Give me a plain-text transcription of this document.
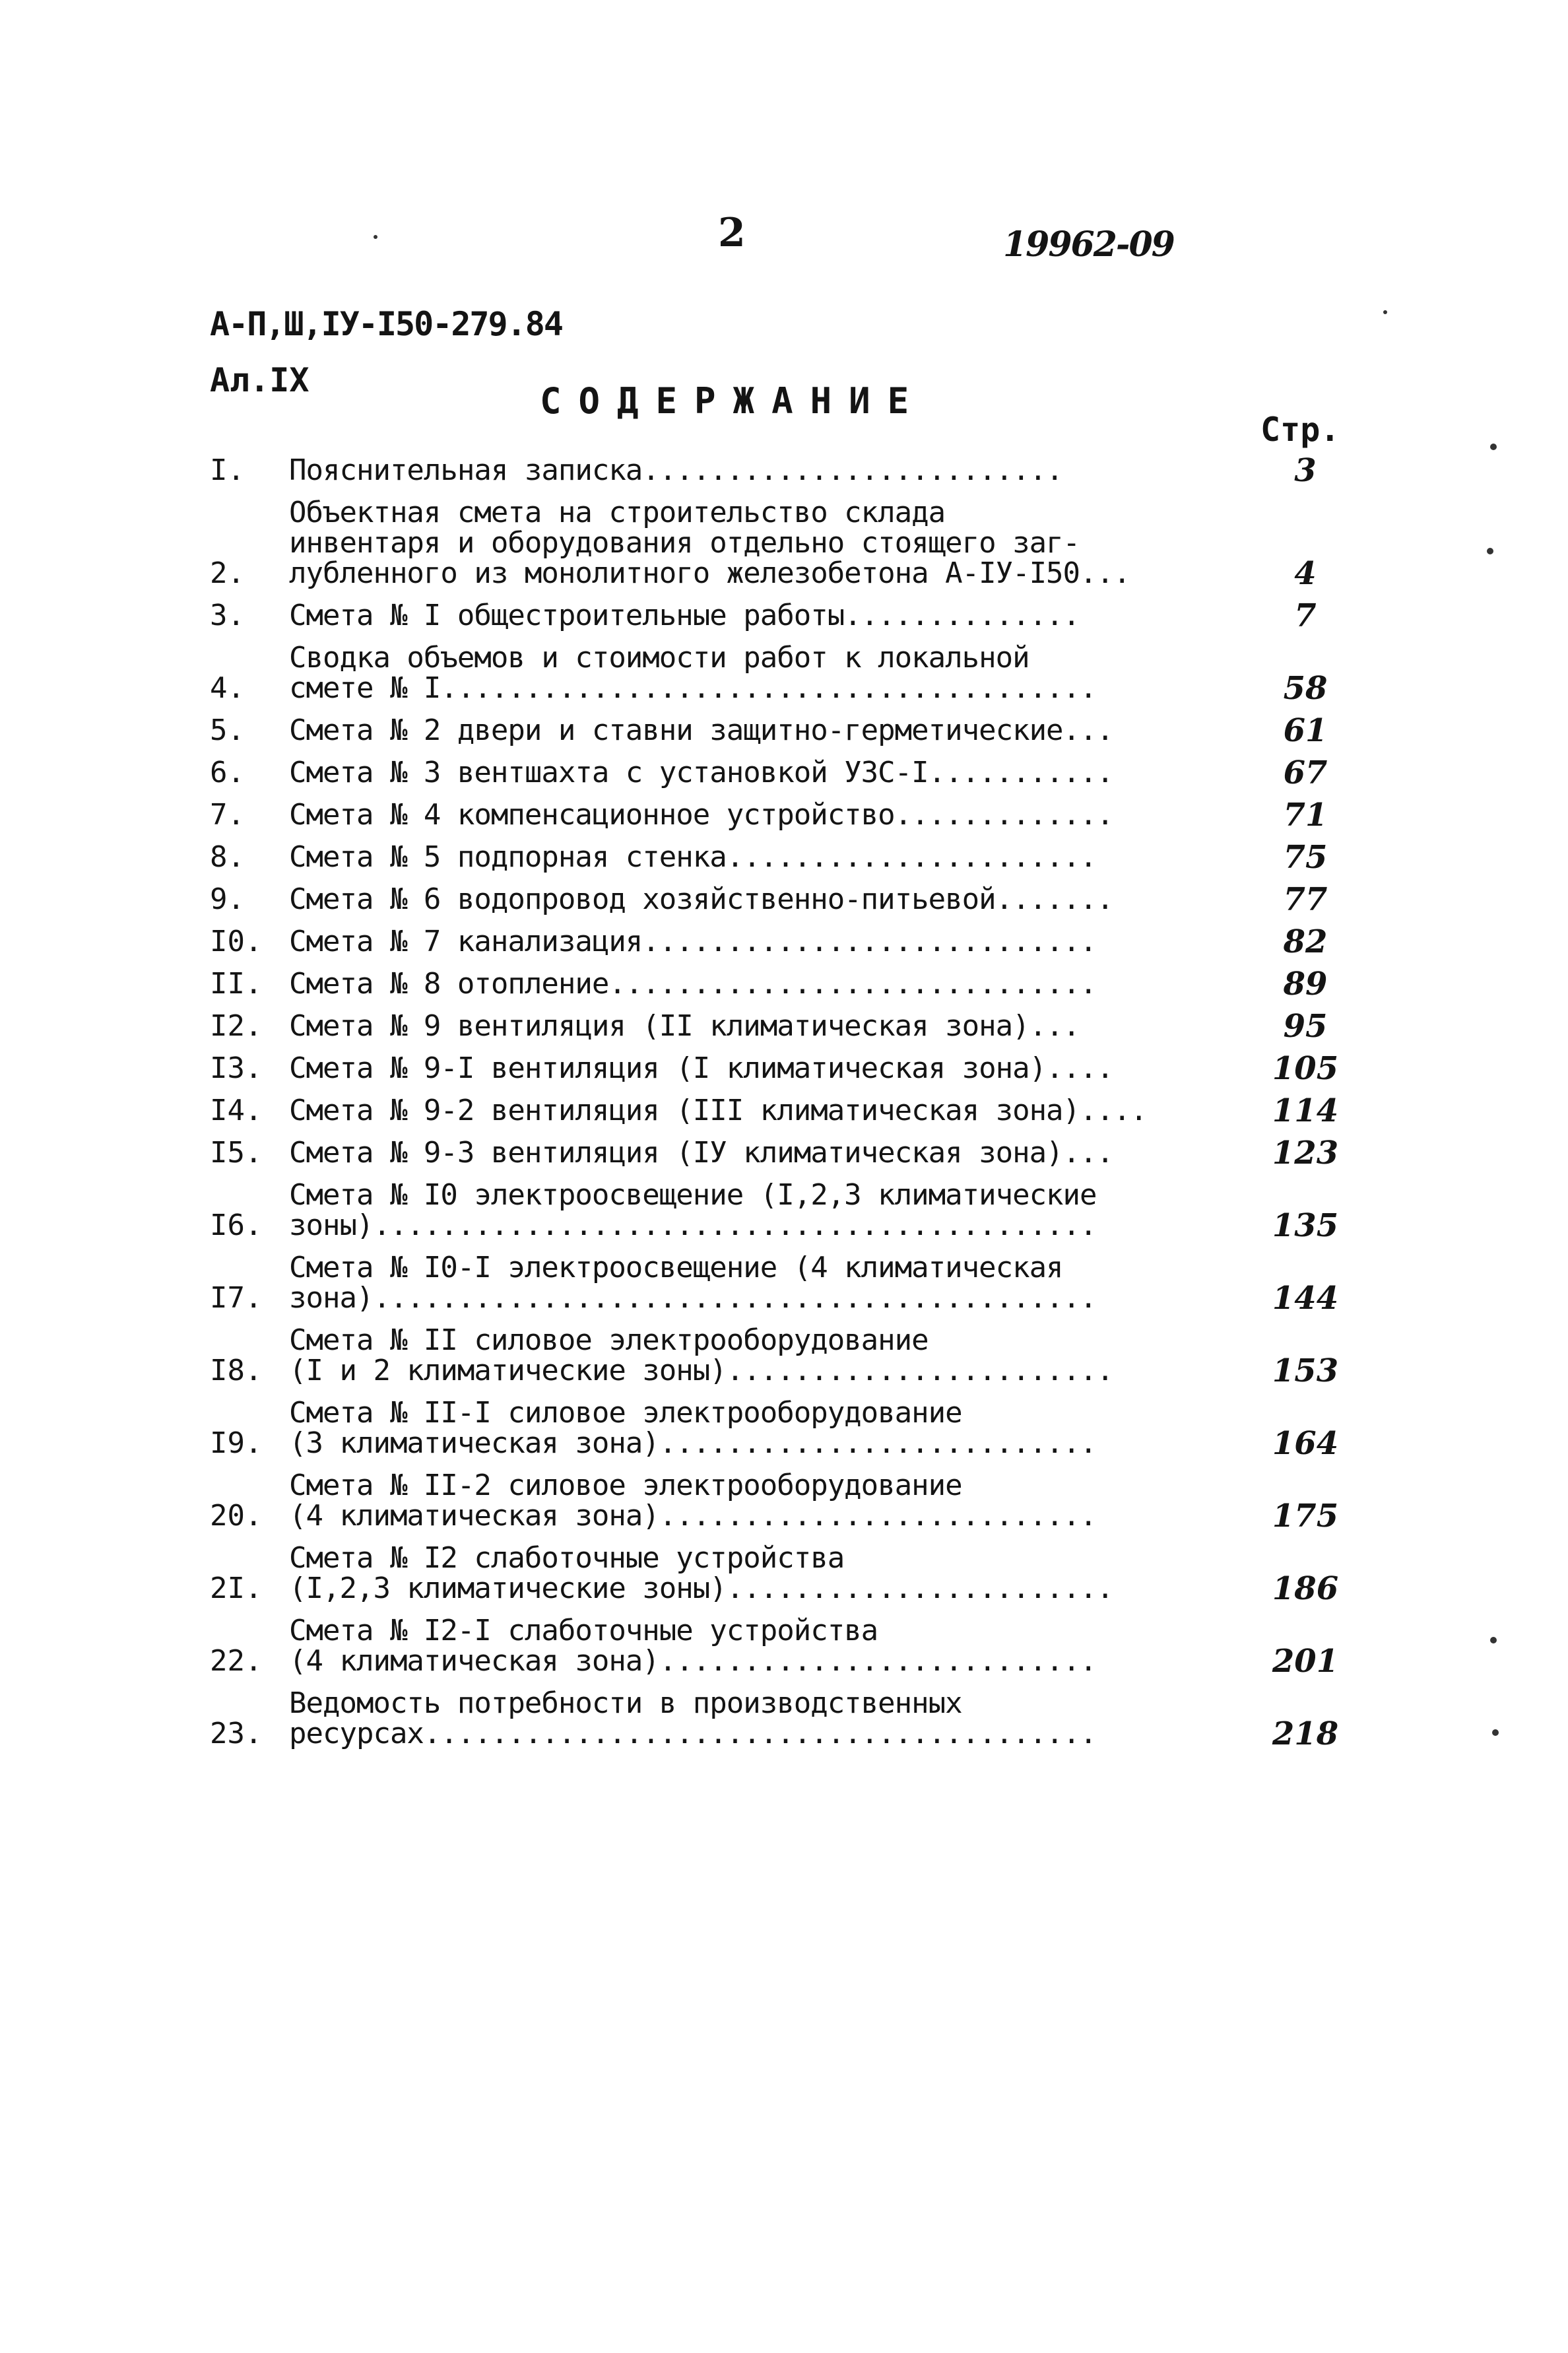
2	19962-09
А-П,Ш,IУ-I50-279.84
Ал.IX	СОДЕРЖАНИЕ
Стр.
I.	Пояснительная записка.........................	3
2.
Объектная смета на строительство склада
инвентаря и оборудования отдельно стоящего заг-
лубленного из монолитного железобетона А-IУ-I50...	4
3.	Смета № I общестроительные работы..............	7
4.
Сводка объемов и стоимости работ к локальной
смете № I.......................................	58
5.	Смета № 2 двери и ставни защитно-герметические...	61
6.	Смета № 3 вентшахта с установкой УЗС-I...........	67
7.	Смета № 4 компенсационное устройство.............	71
8.	Смета № 5 подпорная стенка......................	75
9.	Смета № 6 водопровод хозяйственно-питьевой.......	77
I0. Смета № 7 канализация...........................	82
II. Смета № 8 отопление.............................	89
I2. Смета № 9 вентиляция (II климатическая зона)...	95
I3. Смета № 9-I вентиляция (I климатическая зона)....	105
I4. Смета № 9-2 вентиляция (III климатическая зона)....	114
I5. Смета № 9-3 вентиляция (IУ климатическая зона)...	123
I6.
Смета № I0 электроосвещение (I,2,3 климатические
зоны)...........................................	135
I7.
Смета № I0-I электроосвещение (4 климатическая
зона)...........................................	144
I8.
Смета № II силовое электрооборудование
(I и 2 климатические зоны).......................	153
I9.
Смета № II-I силовое электрооборудование
(3 климатическая зона)..........................	164
20.
Смета № II-2 силовое электрооборудование
(4 климатическая зона)..........................	175
2I.
Смета № I2 слаботочные устройства
(I,2,3 климатические зоны).......................	186
22.
Смета № I2-I слаботочные устройства
(4 климатическая зона)..........................	201
23.
Ведомость потребности в производственных
ресурсах........................................	218
